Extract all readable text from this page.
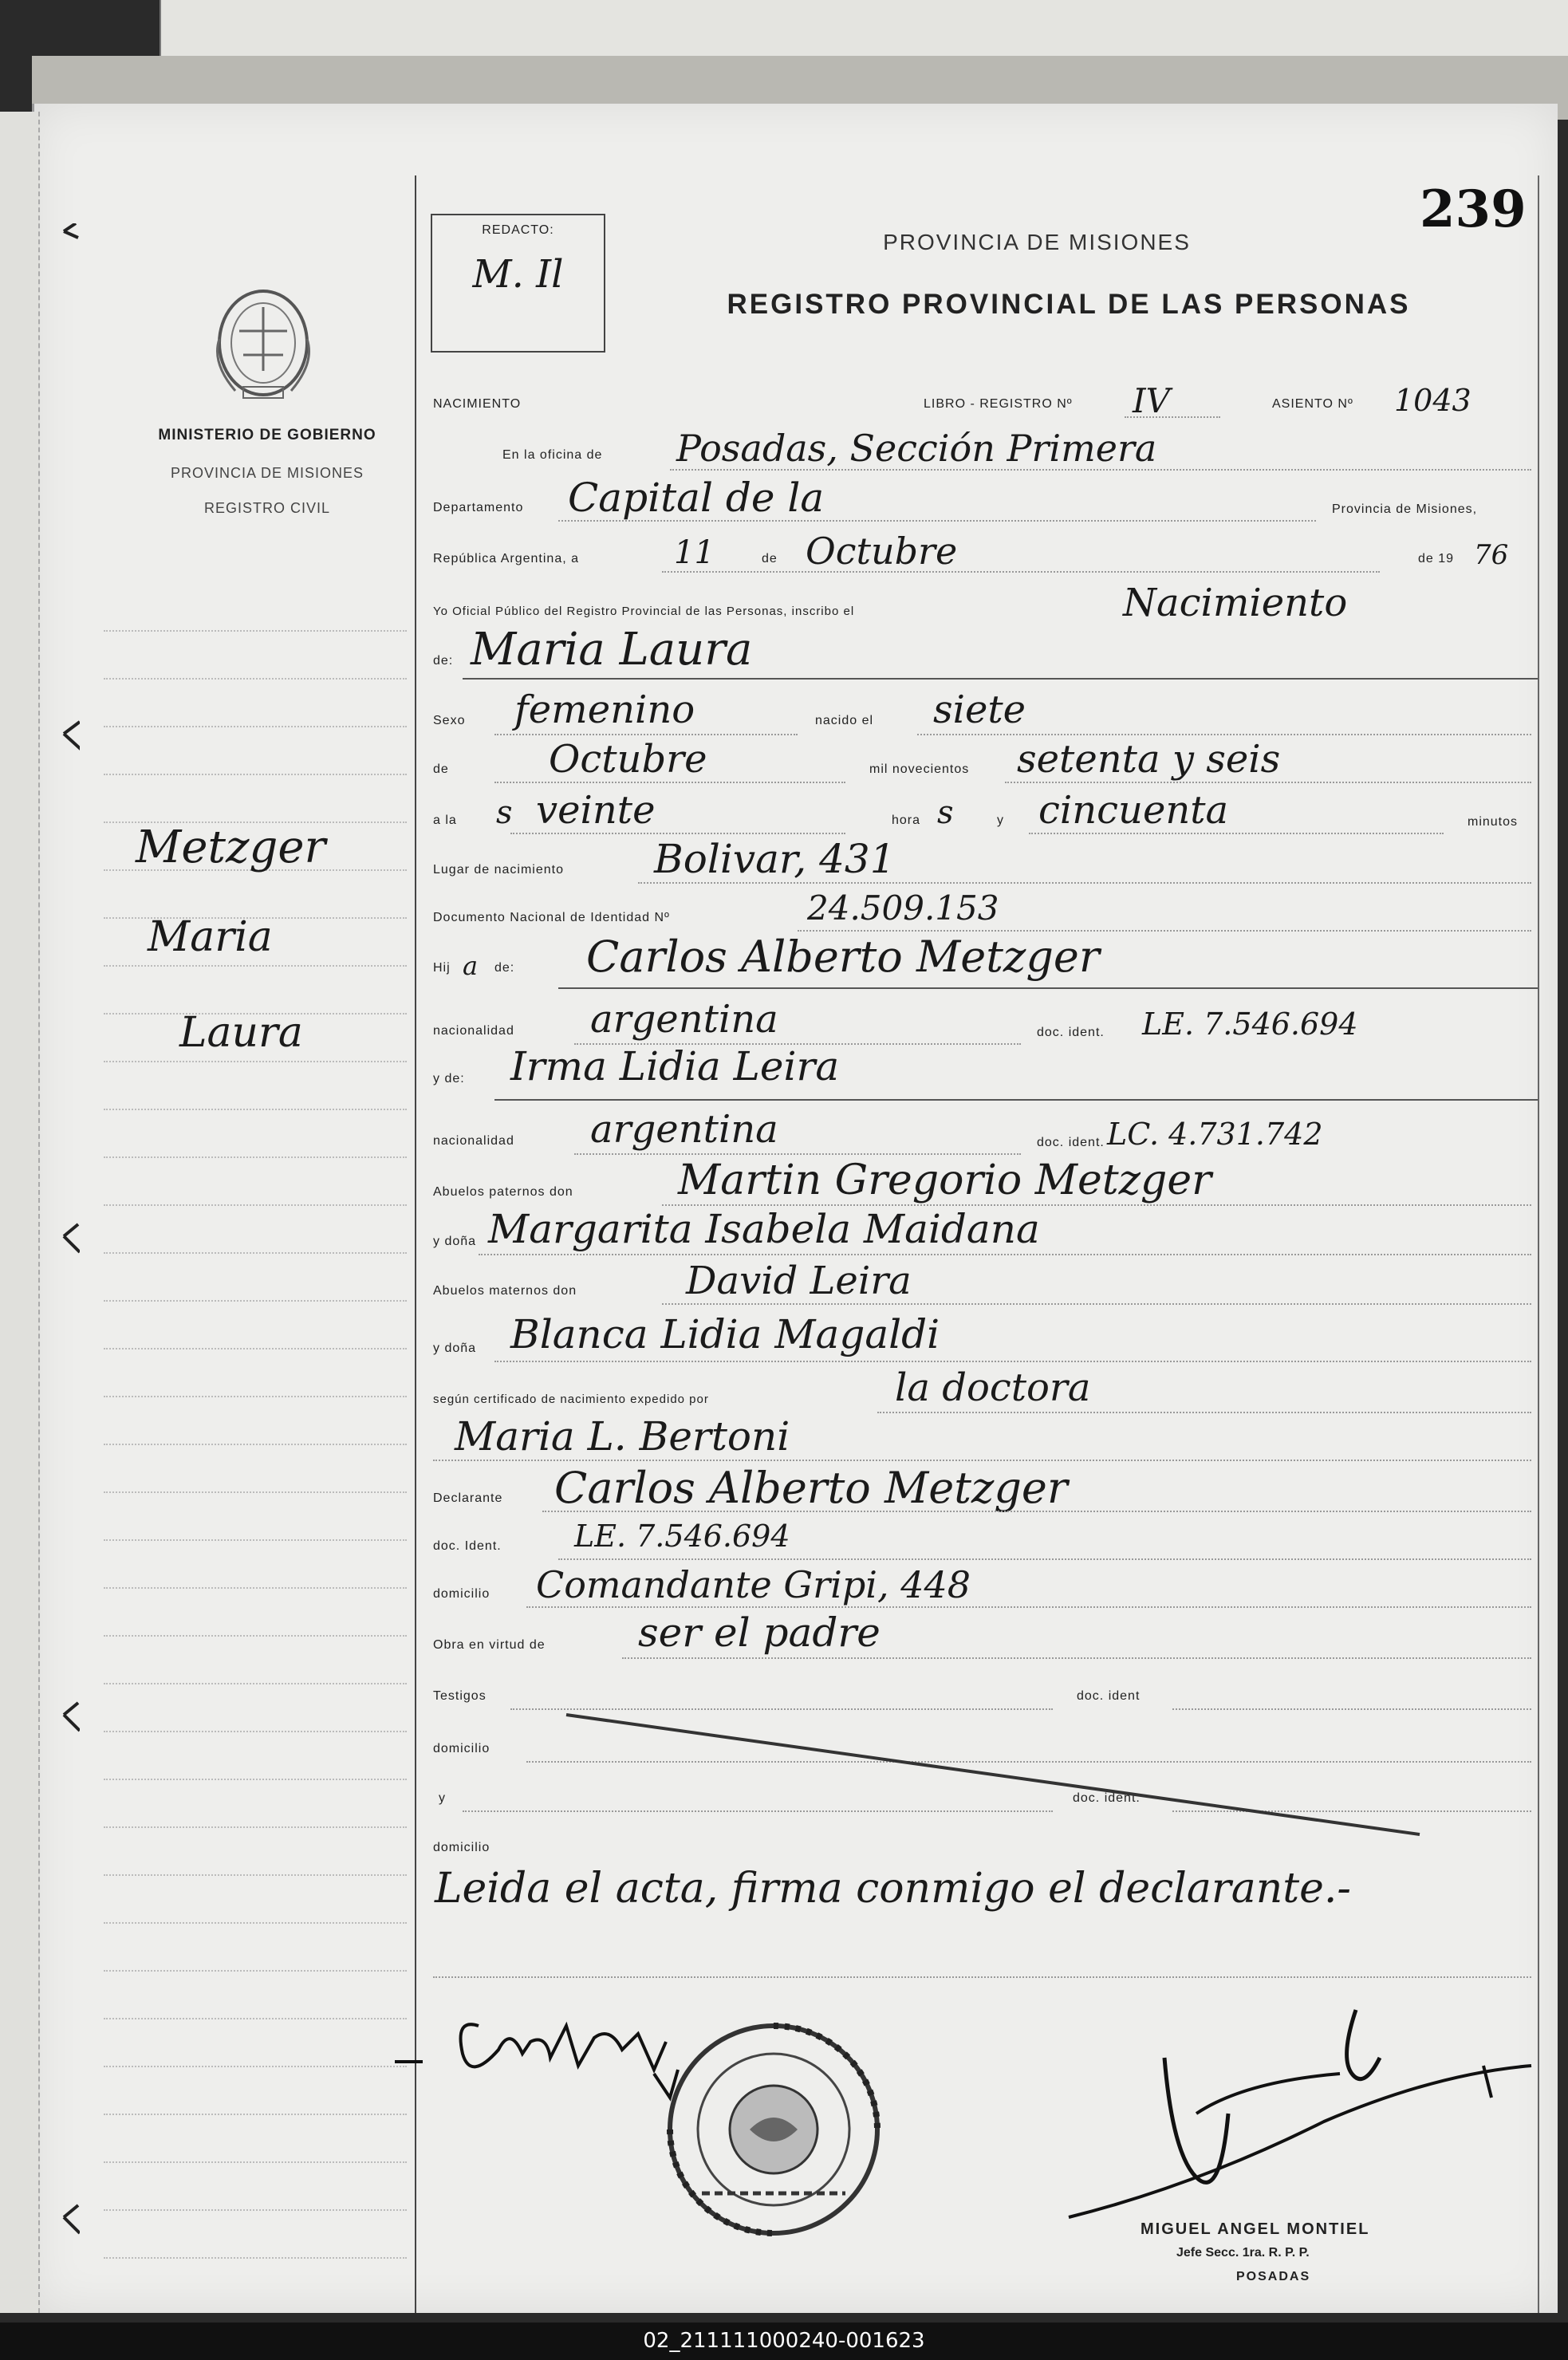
MINISTERIO DE GOBIERNO
PROVINCIA DE MISIONES
REGISTRO CIVIL
Metzger
Maria
Laura
REDACTO:
M. Il
239
PROVINCIA DE MISIONES
REGISTRO PROVINCIAL DE LAS PERSONAS
NACIMIENTO	LIBRO - REGISTRO Nº IV	ASIENTO Nº 1043
En la oficina de Posadas, Sección Primera
Departamento Capital de la	Provincia de Misiones,
República Argentina, a	11	de Octubre	de 19 76
Yo Oficial Público del Registro Provincial de las Personas, inscribo el	Nacimiento
de: Maria Laura
Sexo femenino	nacido el siete
de	Octubre	mil novecientos setenta y seis
a la s veinte	hora s	y cincuenta	minutos
Lugar de nacimiento Bolivar, 431
Documento Nacional de Identidad Nº	24.509.153
Hij a de: Carlos Alberto Metzger
nacionalidad argentina	doc. ident. LE. 7.546.694
y de: Irma Lidia Leira
nacionalidad argentina	doc. ident. LC. 4.731.742
Abuelos paternos don	Martin Gregorio Metzger
y doña Margarita Isabela Maidana
Abuelos maternos don	David Leira
y doña Blanca Lidia Magaldi
según certificado de nacimiento expedido por	la doctora
Maria L. Bertoni
Declarante Carlos Alberto Metzger
doc. Ident. LE. 7.546.694
domicilio Comandante Gripi, 448
Obra en virtud de ser el padre
Testigos	doc. ident
domicilio
y	doc. ident.
domicilio
Leida el acta, firma conmigo el declarante.-
MIGUEL ANGEL MONTIEL
Jefe Secc. 1ra. R. P. P.
POSADAS
02_211111000240-001623
